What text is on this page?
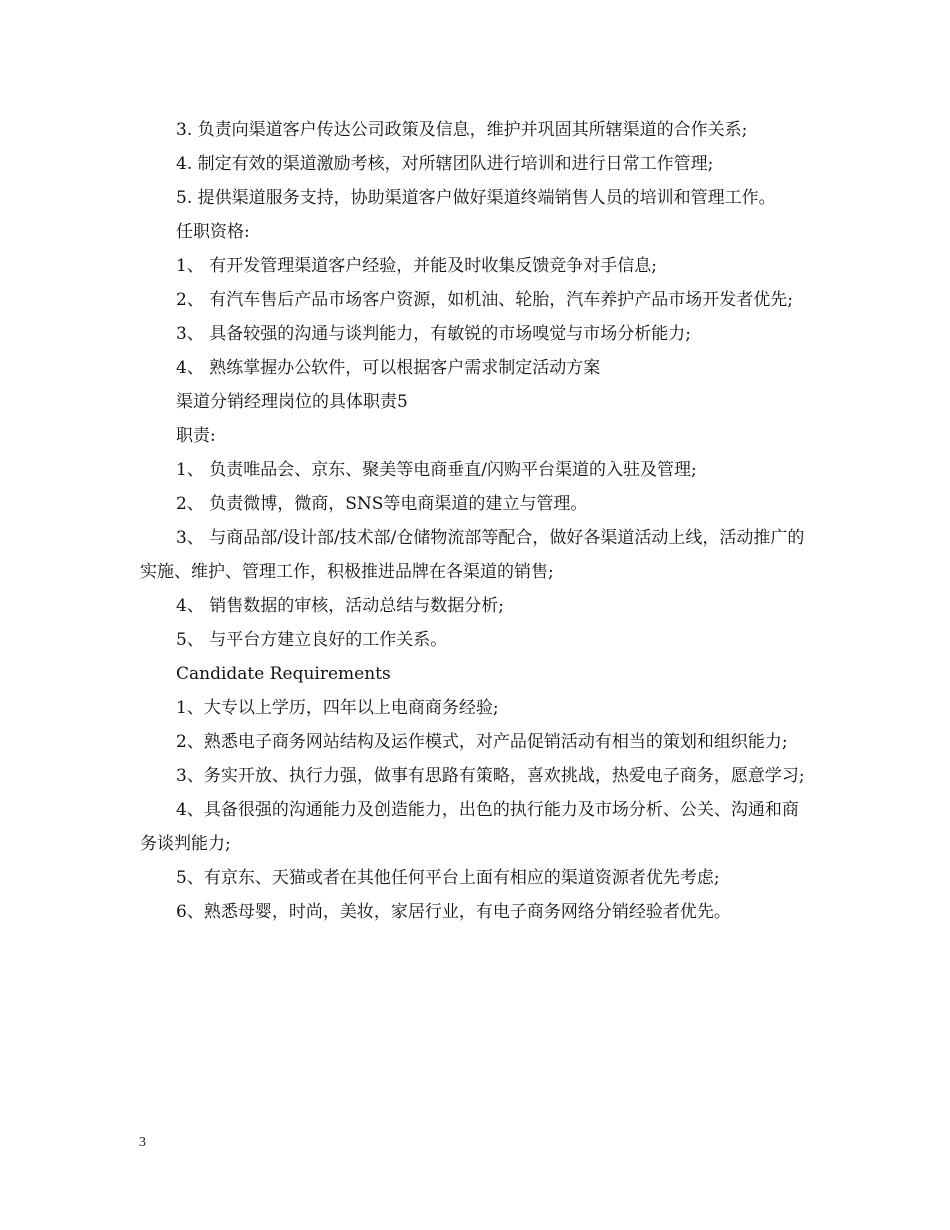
3. 负责向渠道客户传达公司政策及信息，维护并巩固其所辖渠道的合作关系;
4. 制定有效的渠道激励考核，对所辖团队进行培训和进行日常工作管理;
5. 提供渠道服务支持，协助渠道客户做好渠道终端销售人员的培训和管理工作。
任职资格:
1、 有开发管理渠道客户经验，并能及时收集反馈竞争对手信息;
2、 有汽车售后产品市场客户资源，如机油、轮胎，汽车养护产品市场开发者优先;
3、 具备较强的沟通与谈判能力，有敏锐的市场嗅觉与市场分析能力;
4、 熟练掌握办公软件，可以根据客户需求制定活动方案
渠道分销经理岗位的具体职责5
职责:
1、 负责唯品会、京东、聚美等电商垂直/闪购平台渠道的入驻及管理;
2、 负责微博，微商，SNS等电商渠道的建立与管理。
3、 与商品部/设计部/技术部/仓储物流部等配合，做好各渠道活动上线，活动推广的实施、维护、管理工作，积极推进品牌在各渠道的销售;
4、 销售数据的审核，活动总结与数据分析;
5、 与平台方建立良好的工作关系。
Candidate Requirements
1、大专以上学历，四年以上电商商务经验;
2、熟悉电子商务网站结构及运作模式，对产品促销活动有相当的策划和组织能力;
3、务实开放、执行力强，做事有思路有策略，喜欢挑战，热爱电子商务，愿意学习;
4、具备很强的沟通能力及创造能力，出色的执行能力及市场分析、公关、沟通和商务谈判能力;
5、有京东、天猫或者在其他任何平台上面有相应的渠道资源者优先考虑;
6、熟悉母婴，时尚，美妆，家居行业，有电子商务网络分销经验者优先。
3
